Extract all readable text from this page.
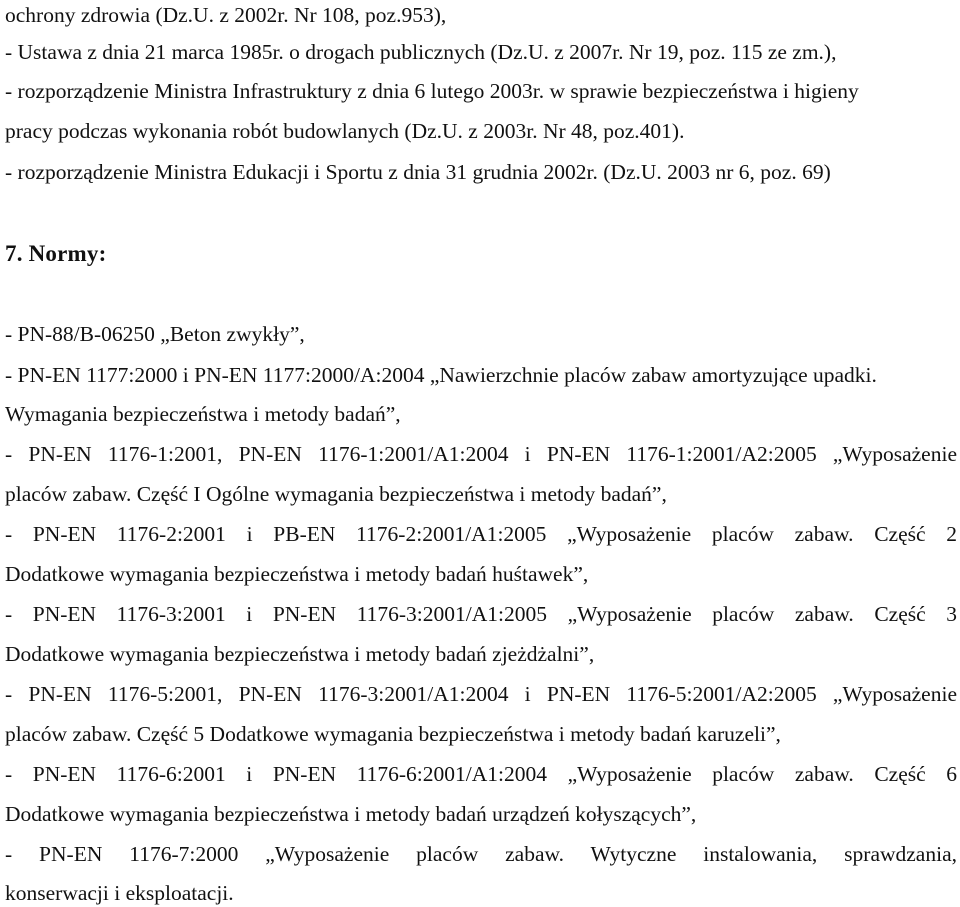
ochrony zdrowia (Dz.U. z 2002r. Nr 108, poz.953),
- Ustawa z dnia 21 marca 1985r. o drogach publicznych (Dz.U. z 2007r. Nr 19, poz. 115 ze zm.),
- rozporządzenie Ministra Infrastruktury z dnia 6 lutego 2003r. w sprawie bezpieczeństwa i higieny
pracy podczas wykonania robót budowlanych (Dz.U. z 2003r. Nr 48, poz.401).
- rozporządzenie Ministra Edukacji i Sportu z dnia 31 grudnia 2002r. (Dz.U. 2003 nr 6, poz. 69)
7. Normy:
- PN-88/B-06250 „Beton zwykły”,
- PN-EN 1177:2000 i PN-EN 1177:2000/A:2004 „Nawierzchnie placów zabaw amortyzujące upadki.
Wymagania bezpieczeństwa i metody badań”,
- PN-EN 1176-1:2001, PN-EN 1176-1:2001/A1:2004 i PN-EN 1176-1:2001/A2:2005 „Wyposażenie
placów zabaw. Część I Ogólne wymagania bezpieczeństwa i metody badań”,
- PN-EN 1176-2:2001 i PB-EN 1176-2:2001/A1:2005 „Wyposażenie placów zabaw. Część 2
Dodatkowe wymagania bezpieczeństwa i metody badań huśtawek”,
- PN-EN 1176-3:2001 i PN-EN 1176-3:2001/A1:2005 „Wyposażenie placów zabaw. Część 3
Dodatkowe wymagania bezpieczeństwa i metody badań zjeżdżalni”,
- PN-EN 1176-5:2001, PN-EN 1176-3:2001/A1:2004 i PN-EN 1176-5:2001/A2:2005 „Wyposażenie
placów zabaw. Część 5 Dodatkowe wymagania bezpieczeństwa i metody badań karuzeli”,
- PN-EN 1176-6:2001 i PN-EN 1176-6:2001/A1:2004 „Wyposażenie placów zabaw. Część 6
Dodatkowe wymagania bezpieczeństwa i metody badań urządzeń kołyszących”,
- PN-EN 1176-7:2000 „Wyposażenie placów zabaw. Wytyczne instalowania, sprawdzania,
konserwacji i eksploatacji.
